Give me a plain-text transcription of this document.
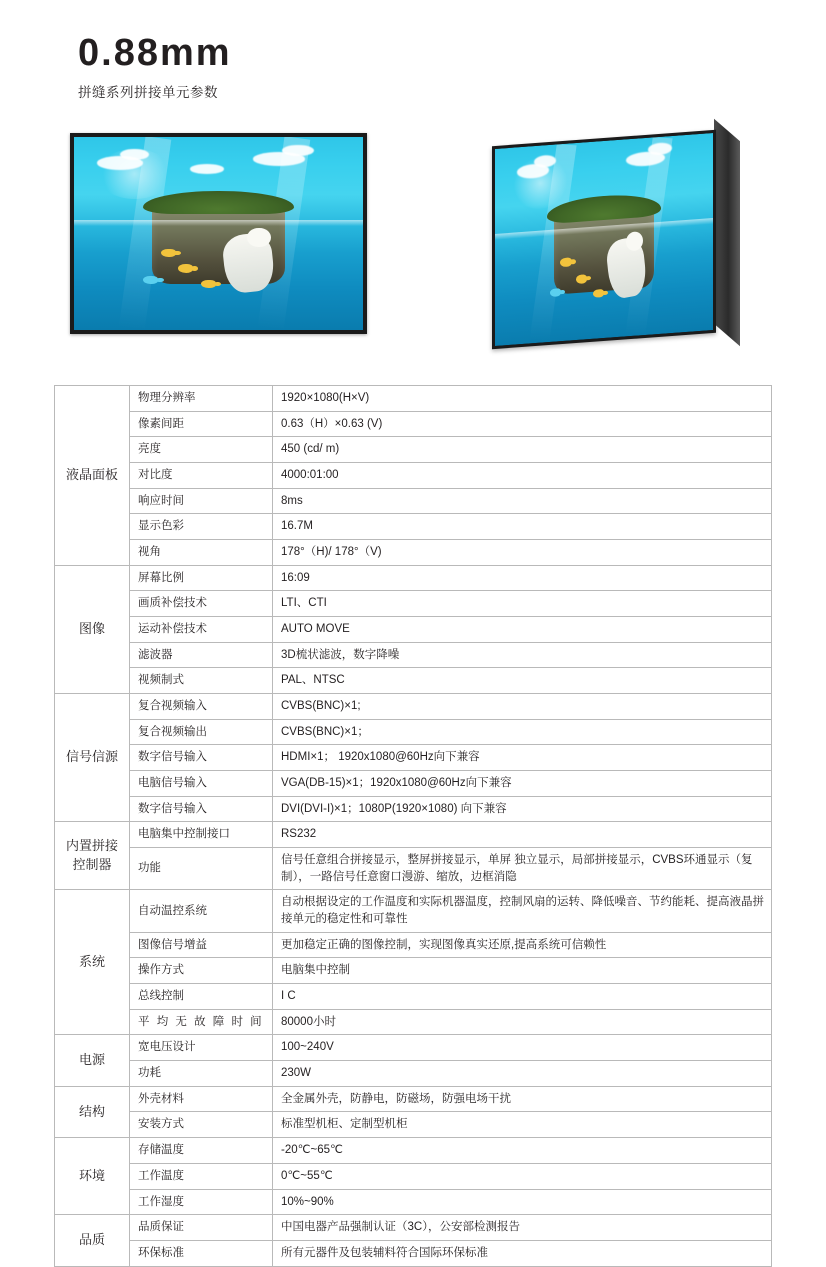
0.88mm
拼缝系列拼接单元参数
液晶面板	物理分辨率	1920×1080(H×V)
	像素间距	0.63（H）×0.63 (V)
	亮度	450 (cd/ m)
	对比度	4000:01:00
	响应时间	8ms
	显示色彩	16.7M
	视角	178°（H)/ 178°（V)
图像	屏幕比例	16:09
	画质补偿技术	LTI、CTI
	运动补偿技术	AUTO MOVE
	滤波器	3D梳状滤波，数字降噪
	视频制式	PAL、NTSC
信号信源	复合视频输入	CVBS(BNC)×1;
	复合视频输出	CVBS(BNC)×1；
	数字信号输入	HDMI×1； 1920x1080@60Hz向下兼容
	电脑信号输入	VGA(DB-15)×1；1920x1080@60Hz向下兼容
	数字信号输入	DVI(DVI-I)×1；1080P(1920×1080) 向下兼容
内置拼接控制器	电脑集中控制接口	RS232
	功能	信号任意组合拼接显示，整屏拼接显示，单屏 独立显示，局部拼接显示，CVBS环通显示（复制），一路信号任意窗口漫游、缩放，边框消隐
系统	自动温控系统	自动根据设定的工作温度和实际机器温度，控制风扇的运转、降低噪音、节约能耗、提高液晶拼接单元的稳定性和可靠性
	图像信号增益	更加稳定正确的图像控制，实现图像真实还原,提高系统可信赖性
	操作方式	电脑集中控制
	总线控制	I C
	平 均 无 故 障 时 间	80000小时
电源	宽电压设计	100~240V
	功耗	230W
结构	外壳材料	全金属外壳，防静电，防磁场，防强电场干扰
	安装方式	标准型机柜、定制型机柜
环境	存储温度	-20℃~65℃
	工作温度	0℃~55℃
	工作湿度	10%~90%
品质	品质保证	中国电器产品强制认证（3C），公安部检测报告
	环保标准	所有元器件及包装辅料符合国际环保标准
